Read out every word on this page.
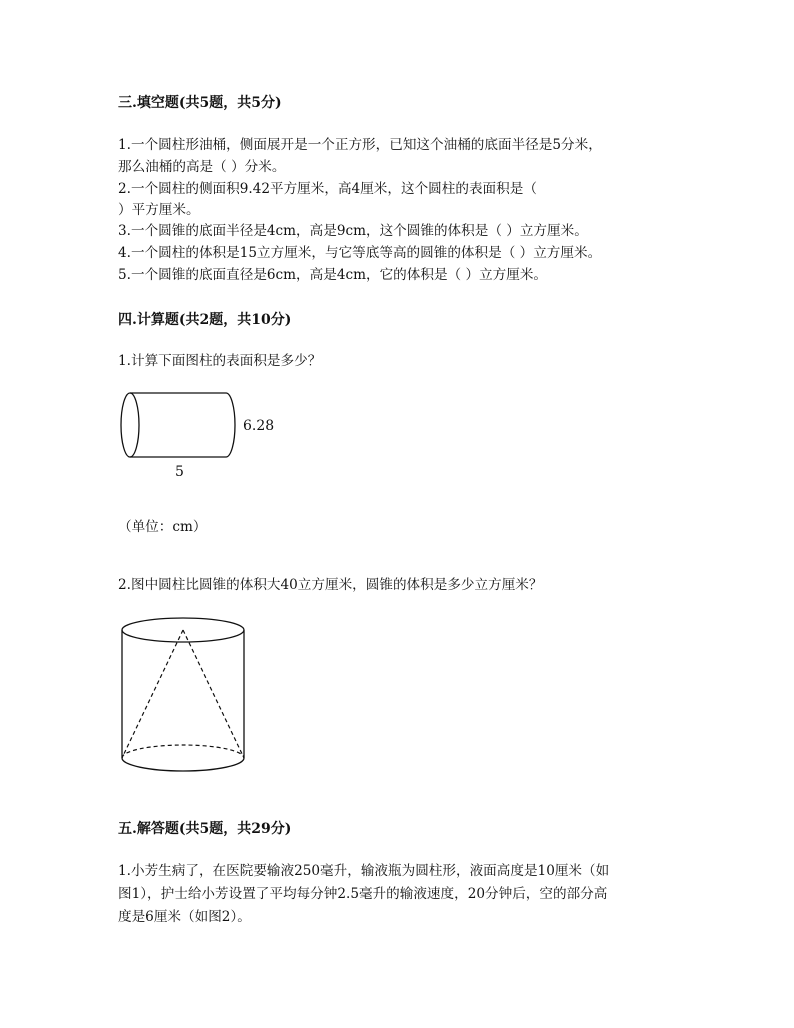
三.填空题(共5题，共5分)
1.一个圆柱形油桶，侧面展开是一个正方形，已知这个油桶的底面半径是5分米，
那么油桶的高是（ ）分米。
2.一个圆柱的侧面积9.42平方厘米，高4厘米，这个圆柱的表面积是（
）平方厘米。
3.一个圆锥的底面半径是4cm，高是9cm，这个圆锥的体积是（ ）立方厘米。
4.一个圆柱的体积是15立方厘米，与它等底等高的圆锥的体积是（ ）立方厘米。
5.一个圆锥的底面直径是6cm，高是4cm，它的体积是（ ）立方厘米。
四.计算题(共2题，共10分)
1.计算下面图柱的表面积是多少？
6.28
5
（单位：cm）
2.图中圆柱比圆锥的体积大40立方厘米，圆锥的体积是多少立方厘米？
五.解答题(共5题，共29分)
1.小芳生病了，在医院要输液250毫升，输液瓶为圆柱形，液面高度是10厘米（如
图1），护士给小芳设置了平均每分钟2.5毫升的输液速度，20分钟后，空的部分高
度是6厘米（如图2）。
